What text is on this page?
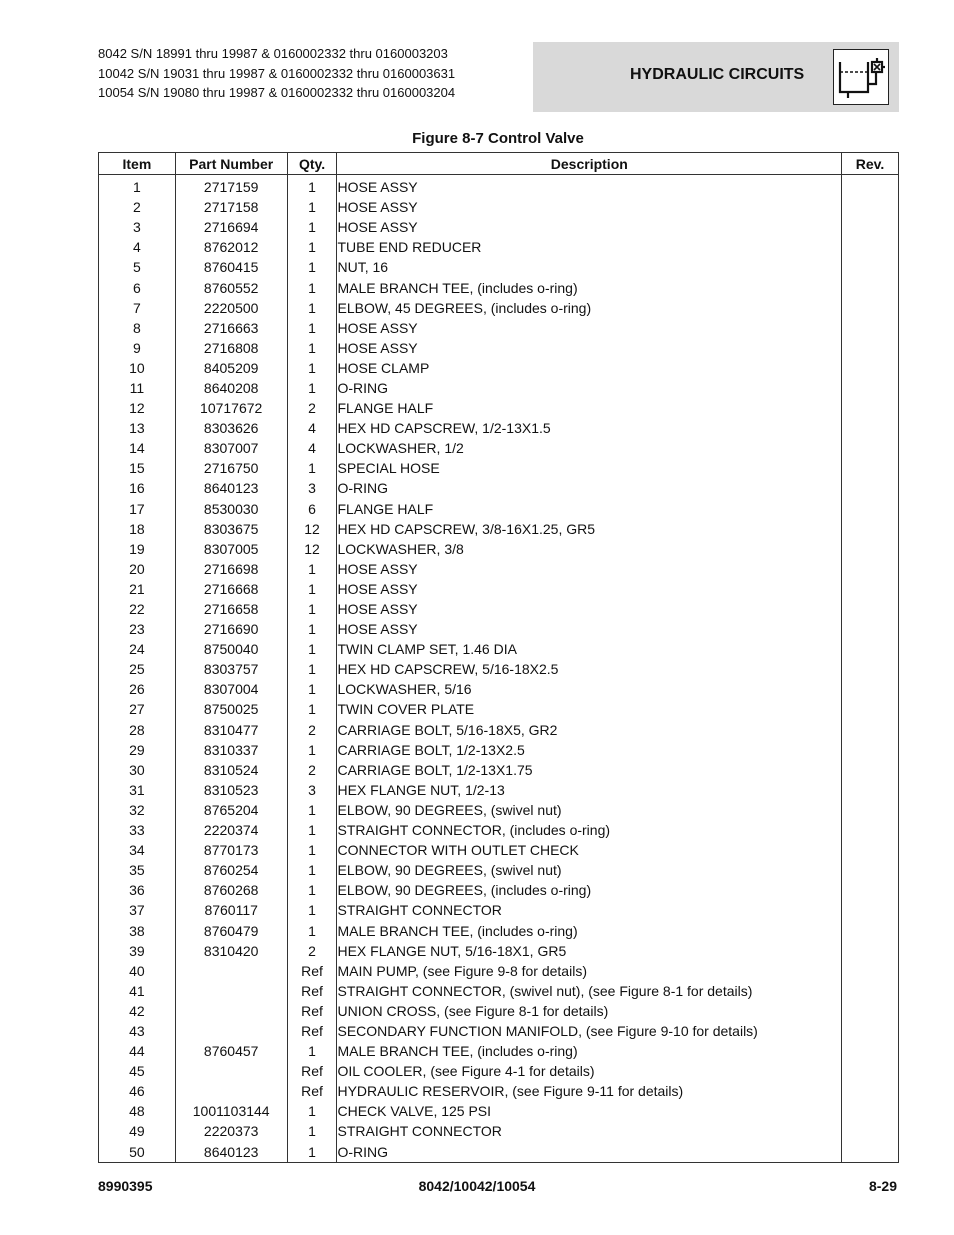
8042 S/N 18991 thru 19987 & 0160002332 thru 0160003203
10042 S/N 19031 thru 19987 & 0160002332 thru 0160003631
10054 S/N 19080 thru 19987 & 0160002332 thru 0160003204
HYDRAULIC CIRCUITS
Figure 8-7 Control Valve
Item	Part Number	Qty.	Description	Rev.
1	2717159	1	HOSE ASSY	
2	2717158	1	HOSE ASSY	
3	2716694	1	HOSE ASSY	
4	8762012	1	TUBE END REDUCER	
5	8760415	1	NUT, 16	
6	8760552	1	MALE BRANCH TEE, (includes o-ring)	
7	2220500	1	ELBOW, 45 DEGREES, (includes o-ring)	
8	2716663	1	HOSE ASSY	
9	2716808	1	HOSE ASSY	
10	8405209	1	HOSE CLAMP	
11	8640208	1	O-RING	
12	10717672	2	FLANGE HALF	
13	8303626	4	HEX HD CAPSCREW, 1/2-13X1.5	
14	8307007	4	LOCKWASHER, 1/2	
15	2716750	1	SPECIAL HOSE	
16	8640123	3	O-RING	
17	8530030	6	FLANGE HALF	
18	8303675	12	HEX HD CAPSCREW, 3/8-16X1.25, GR5	
19	8307005	12	LOCKWASHER, 3/8	
20	2716698	1	HOSE ASSY	
21	2716668	1	HOSE ASSY	
22	2716658	1	HOSE ASSY	
23	2716690	1	HOSE ASSY	
24	8750040	1	TWIN CLAMP SET, 1.46 DIA	
25	8303757	1	HEX HD CAPSCREW, 5/16-18X2.5	
26	8307004	1	LOCKWASHER, 5/16	
27	8750025	1	TWIN COVER PLATE	
28	8310477	2	CARRIAGE BOLT, 5/16-18X5, GR2	
29	8310337	1	CARRIAGE BOLT, 1/2-13X2.5	
30	8310524	2	CARRIAGE BOLT, 1/2-13X1.75	
31	8310523	3	HEX FLANGE NUT, 1/2-13	
32	8765204	1	ELBOW, 90 DEGREES, (swivel nut)	
33	2220374	1	STRAIGHT CONNECTOR, (includes o-ring)	
34	8770173	1	CONNECTOR WITH OUTLET CHECK	
35	8760254	1	ELBOW, 90 DEGREES, (swivel nut)	
36	8760268	1	ELBOW, 90 DEGREES, (includes o-ring)	
37	8760117	1	STRAIGHT CONNECTOR	
38	8760479	1	MALE BRANCH TEE, (includes o-ring)	
39	8310420	2	HEX FLANGE NUT, 5/16-18X1, GR5	
40		Ref	MAIN PUMP, (see Figure 9-8 for details)	
41		Ref	STRAIGHT CONNECTOR, (swivel nut), (see Figure 8-1 for details)	
42		Ref	UNION CROSS, (see Figure 8-1 for details)	
43		Ref	SECONDARY FUNCTION MANIFOLD, (see Figure 9-10 for details)	
44	8760457	1	MALE BRANCH TEE, (includes o-ring)	
45		Ref	OIL COOLER, (see Figure 4-1 for details)	
46		Ref	HYDRAULIC RESERVOIR, (see Figure 9-11 for details)	
48	1001103144	1	CHECK VALVE, 125 PSI	
49	2220373	1	STRAIGHT CONNECTOR	
50	8640123	1	O-RING	
8990395	8042/10042/10054	8-29
